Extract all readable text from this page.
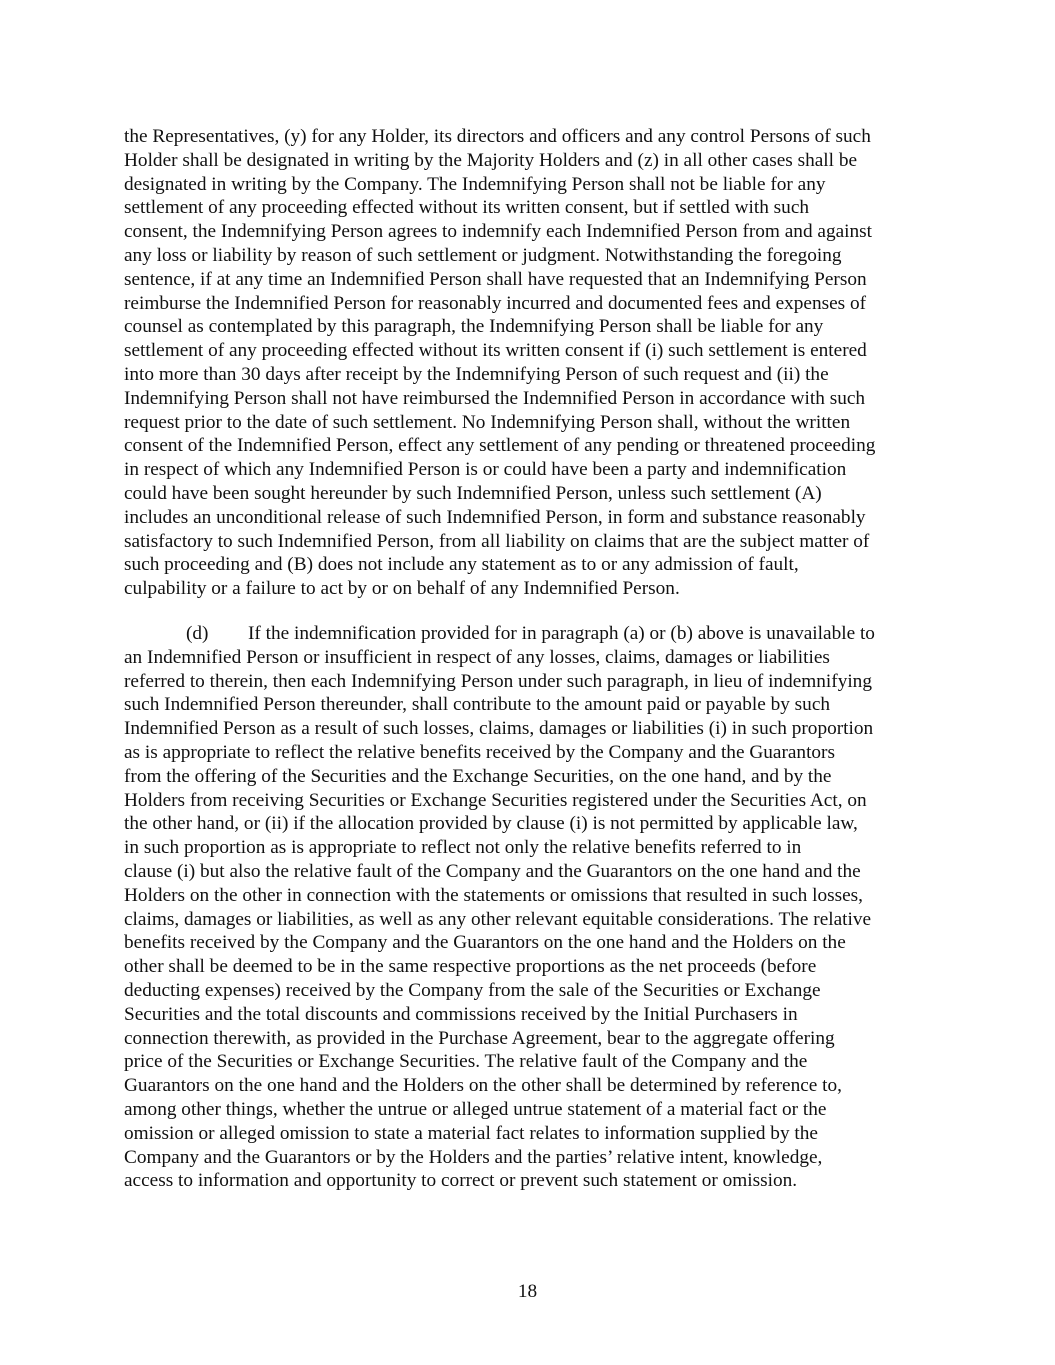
the Representatives, (y) for any Holder, its directors and officers and any control Persons of such
Holder shall be designated in writing by the Majority Holders and (z) in all other cases shall be
designated in writing by the Company. The Indemnifying Person shall not be liable for any
settlement of any proceeding effected without its written consent, but if settled with such
consent, the Indemnifying Person agrees to indemnify each Indemnified Person from and against
any loss or liability by reason of such settlement or judgment. Notwithstanding the foregoing
sentence, if at any time an Indemnified Person shall have requested that an Indemnifying Person
reimburse the Indemnified Person for reasonably incurred and documented fees and expenses of
counsel as contemplated by this paragraph, the Indemnifying Person shall be liable for any
settlement of any proceeding effected without its written consent if (i) such settlement is entered
into more than 30 days after receipt by the Indemnifying Person of such request and (ii) the
Indemnifying Person shall not have reimbursed the Indemnified Person in accordance with such
request prior to the date of such settlement. No Indemnifying Person shall, without the written
consent of the Indemnified Person, effect any settlement of any pending or threatened proceeding
in respect of which any Indemnified Person is or could have been a party and indemnification
could have been sought hereunder by such Indemnified Person, unless such settlement (A)
includes an unconditional release of such Indemnified Person, in form and substance reasonably
satisfactory to such Indemnified Person, from all liability on claims that are the subject matter of
such proceeding and (B) does not include any statement as to or any admission of fault,
culpability or a failure to act by or on behalf of any Indemnified Person.
(d) If the indemnification provided for in paragraph (a) or (b) above is unavailable to
an Indemnified Person or insufficient in respect of any losses, claims, damages or liabilities
referred to therein, then each Indemnifying Person under such paragraph, in lieu of indemnifying
such Indemnified Person thereunder, shall contribute to the amount paid or payable by such
Indemnified Person as a result of such losses, claims, damages or liabilities (i) in such proportion
as is appropriate to reflect the relative benefits received by the Company and the Guarantors
from the offering of the Securities and the Exchange Securities, on the one hand, and by the
Holders from receiving Securities or Exchange Securities registered under the Securities Act, on
the other hand, or (ii) if the allocation provided by clause (i) is not permitted by applicable law,
in such proportion as is appropriate to reflect not only the relative benefits referred to in
clause (i) but also the relative fault of the Company and the Guarantors on the one hand and the
Holders on the other in connection with the statements or omissions that resulted in such losses,
claims, damages or liabilities, as well as any other relevant equitable considerations. The relative
benefits received by the Company and the Guarantors on the one hand and the Holders on the
other shall be deemed to be in the same respective proportions as the net proceeds (before
deducting expenses) received by the Company from the sale of the Securities or Exchange
Securities and the total discounts and commissions received by the Initial Purchasers in
connection therewith, as provided in the Purchase Agreement, bear to the aggregate offering
price of the Securities or Exchange Securities. The relative fault of the Company and the
Guarantors on the one hand and the Holders on the other shall be determined by reference to,
among other things, whether the untrue or alleged untrue statement of a material fact or the
omission or alleged omission to state a material fact relates to information supplied by the
Company and the Guarantors or by the Holders and the parties’ relative intent, knowledge,
access to information and opportunity to correct or prevent such statement or omission.
18
